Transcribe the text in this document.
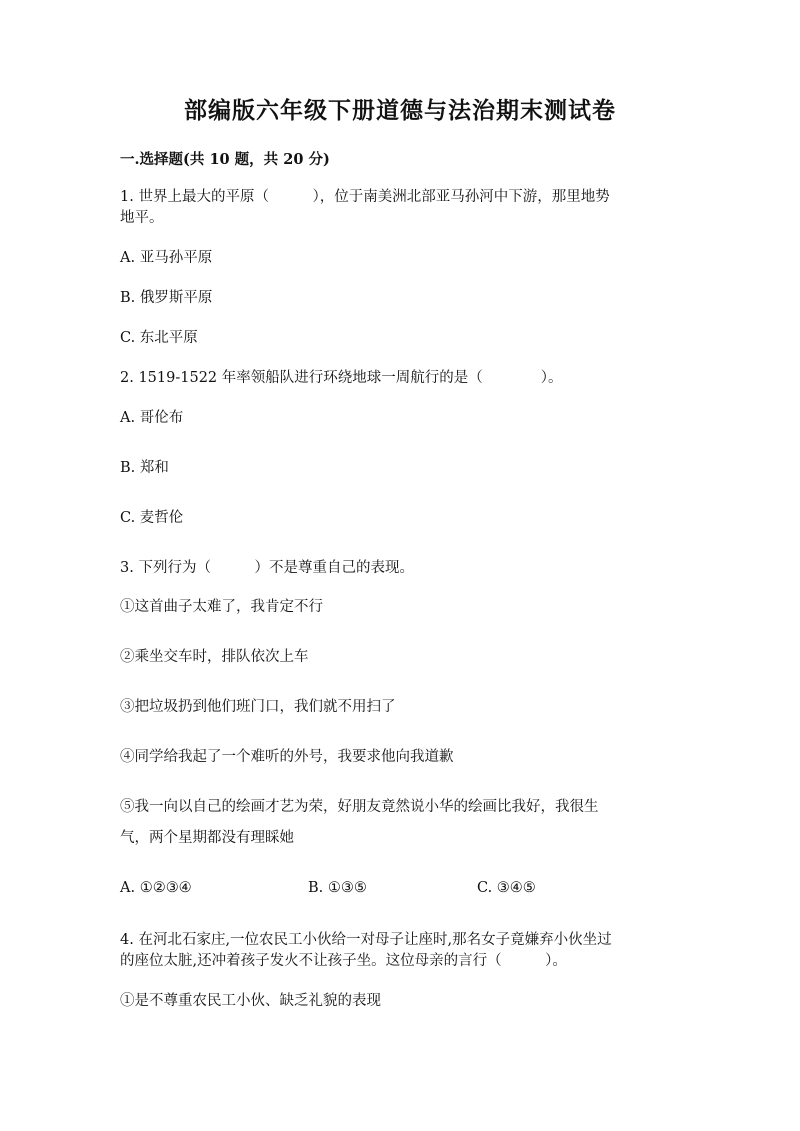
部编版六年级下册道德与法治期末测试卷
一.选择题(共 10 题，共 20 分)
1. 世界上最大的平原（　　　），位于南美洲北部亚马孙河中下游，那里地势
地平。
A. 亚马孙平原
B. 俄罗斯平原
C. 东北平原
2. 1519-1522 年率领船队进行环绕地球一周航行的是（　　　　）。
A. 哥伦布
B. 郑和
C. 麦哲伦
3. 下列行为（　　　）不是尊重自己的表现。
①这首曲子太难了，我肯定不行
②乘坐交车时，排队依次上车
③把垃圾扔到他们班门口，我们就不用扫了
④同学给我起了一个难听的外号，我要求他向我道歉
⑤我一向以自己的绘画才艺为荣，好朋友竟然说小华的绘画比我好，我很生
气，两个星期都没有理睬她
A. ①②③④	B. ①③⑤	C. ③④⑤
4. 在河北石家庄,一位农民工小伙给一对母子让座时,那名女子竟嫌弃小伙坐过
的座位太脏,还冲着孩子发火不让孩子坐。这位母亲的言行（　　　）。
①是不尊重农民工小伙、缺乏礼貌的表现
